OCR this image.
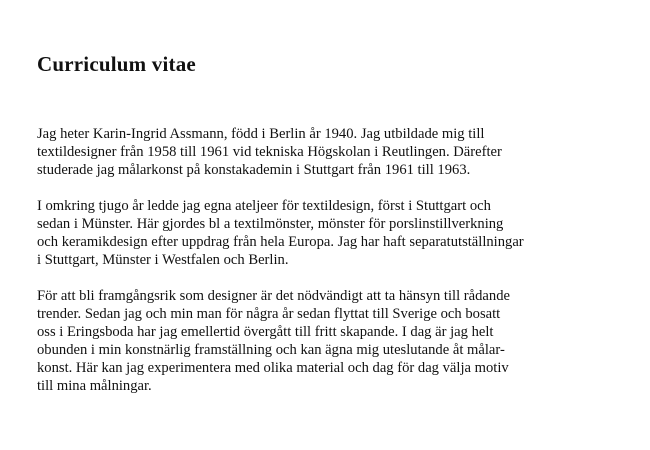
Curriculum vitae
Jag heter Karin-Ingrid Assmann, född i Berlin år 1940. Jag utbildade mig till
textildesigner från 1958 till 1961 vid tekniska Högskolan i Reutlingen. Därefter
studerade jag målarkonst på konstakademin i Stuttgart från 1961 till 1963.
I omkring tjugo år ledde jag egna ateljeer för textildesign, först i Stuttgart och
sedan i Münster. Här gjordes bl a textilmönster, mönster för porslinstillverkning
och keramikdesign efter uppdrag från hela Europa. Jag har haft separatutställningar
i Stuttgart, Münster i Westfalen och Berlin.
För att bli framgångsrik som designer är det nödvändigt att ta hänsyn till rådande
trender. Sedan jag och min man för några år sedan flyttat till Sverige och bosatt
oss i Eringsboda har jag emellertid övergått till fritt skapande. I dag är jag helt
obunden i min konstnärlig framställning och kan ägna mig uteslutande åt målar-
konst. Här kan jag experimentera med olika material och dag för dag välja motiv
till mina målningar.
